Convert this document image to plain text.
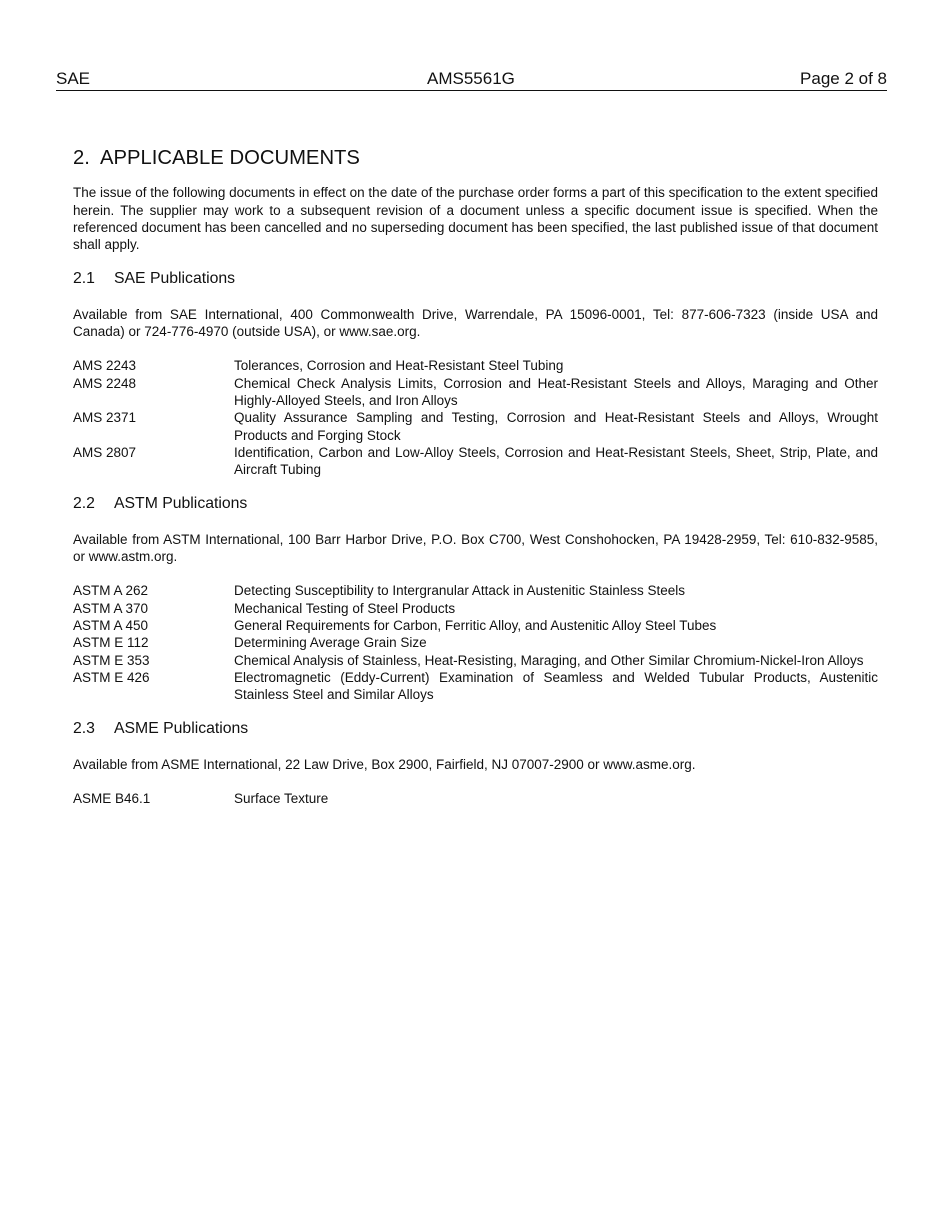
SAE	AMS5561G	Page 2 of 8
2. APPLICABLE DOCUMENTS

The issue of the following documents in effect on the date of the purchase order forms a part of this specification to the extent specified herein. The supplier may work to a subsequent revision of a document unless a specific document issue is specified. When the referenced document has been cancelled and no superseding document has been specified, the last published issue of that document shall apply.

2.1 SAE Publications

Available from SAE International, 400 Commonwealth Drive, Warrendale, PA 15096-0001, Tel: 877-606-7323 (inside USA and Canada) or 724-776-4970 (outside USA), or www.sae.org.

AMS 2243	Tolerances, Corrosion and Heat-Resistant Steel Tubing
AMS 2248	Chemical Check Analysis Limits, Corrosion and Heat-Resistant Steels and Alloys, Maraging and Other Highly-Alloyed Steels, and Iron Alloys
AMS 2371	Quality Assurance Sampling and Testing, Corrosion and Heat-Resistant Steels and Alloys, Wrought Products and Forging Stock
AMS 2807	Identification, Carbon and Low-Alloy Steels, Corrosion and Heat-Resistant Steels, Sheet, Strip, Plate, and Aircraft Tubing
2.2 ASTM Publications

Available from ASTM International, 100 Barr Harbor Drive, P.O. Box C700, West Conshohocken, PA 19428-2959, Tel: 610-832-9585, or www.astm.org.

ASTM A 262	Detecting Susceptibility to Intergranular Attack in Austenitic Stainless Steels
ASTM A 370	Mechanical Testing of Steel Products
ASTM A 450	General Requirements for Carbon, Ferritic Alloy, and Austenitic Alloy Steel Tubes
ASTM E 112	Determining Average Grain Size
ASTM E 353	Chemical Analysis of Stainless, Heat-Resisting, Maraging, and Other Similar Chromium-Nickel-Iron Alloys
ASTM E 426	Electromagnetic (Eddy-Current) Examination of Seamless and Welded Tubular Products, Austenitic Stainless Steel and Similar Alloys
2.3 ASME Publications

Available from ASME International, 22 Law Drive, Box 2900, Fairfield, NJ 07007-2900 or www.asme.org.

ASME B46.1	Surface Texture
